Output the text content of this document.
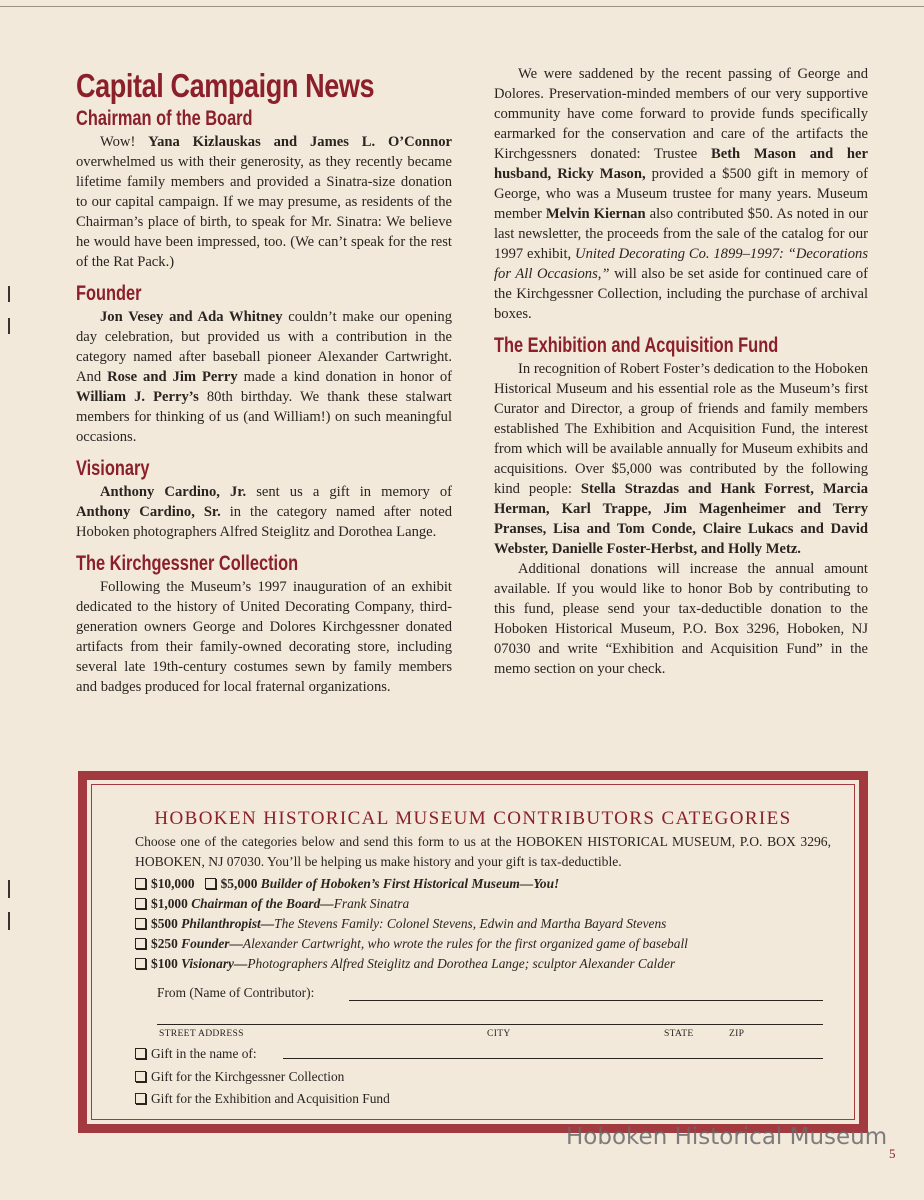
Capital Campaign News
Chairman of the Board

Wow! Yana Kizlauskas and James L. O’Connor overwhelmed us with their generosity, as they recently became lifetime family members and provided a Sinatra-size donation to our capital campaign. If we may presume, as residents of the Chairman’s place of birth, to speak for Mr. Sinatra: We believe he would have been impressed, too. (We can’t speak for the rest of the Rat Pack.)

Founder

Jon Vesey and Ada Whitney couldn’t make our opening day celebration, but provided us with a contribution in the category named after baseball pioneer Alexander Cartwright. And Rose and Jim Perry made a kind donation in honor of William J. Perry’s 80th birthday. We thank these stalwart members for thinking of us (and William!) on such meaningful occasions.

Visionary

Anthony Cardino, Jr. sent us a gift in memory of Anthony Cardino, Sr. in the category named after noted Hoboken photographers Alfred Steiglitz and Dorothea Lange.

The Kirchgessner Collection

Following the Museum’s 1997 inauguration of an exhibit dedicated to the history of United Decorating Company, third-generation owners George and Dolores Kirchgessner donated artifacts from their family-owned decorating store, including several late 19th-century costumes sewn by family members and badges produced for local fraternal organizations.

We were saddened by the recent passing of George and Dolores. Preservation-minded members of our very supportive community have come forward to provide funds specifically earmarked for the conservation and care of the artifacts the Kirchgessners donated: Trustee Beth Mason and her husband, Ricky Mason, provided a $500 gift in memory of George, who was a Museum trustee for many years. Museum member Melvin Kiernan also contributed $50. As noted in our last newsletter, the proceeds from the sale of the catalog for our 1997 exhibit, United Decorating Co. 1899–1997: “Decorations for All Occasions,” will also be set aside for continued care of the Kirchgessner Collection, including the purchase of archival boxes.

The Exhibition and Acquisition Fund

In recognition of Robert Foster’s dedication to the Hoboken Historical Museum and his essential role as the Museum’s first Curator and Director, a group of friends and family members established The Exhibition and Acquisition Fund, the interest from which will be available annually for Museum exhibits and acquisitions. Over $5,000 was contributed by the following kind people: Stella Strazdas and Hank Forrest, Marcia Herman, Karl Trappe, Jim Magenheimer and Terry Pranses, Lisa and Tom Conde, Claire Lukacs and David Webster, Danielle Foster-Herbst, and Holly Metz.

Additional donations will increase the annual amount available. If you would like to honor Bob by contributing to this fund, please send your tax-deductible donation to the Hoboken Historical Museum, P.O. Box 3296, Hoboken, NJ 07030 and write “Exhibition and Acquisition Fund” in the memo section on your check.

HOBOKEN HISTORICAL MUSEUM CONTRIBUTORS CATEGORIES
Choose one of the categories below and send this form to us at the HOBOKEN HISTORICAL MUSEUM, P.O. BOX 3296, HOBOKEN, NJ 07030. You’ll be helping us make history and your gift is tax-deductible.
$10,000 $5,000 Builder of Hoboken’s First Historical Museum—You!
$1,000 Chairman of the Board—Frank Sinatra
$500 Philanthropist—The Stevens Family: Colonel Stevens, Edwin and Martha Bayard Stevens
$250 Founder—Alexander Cartwright, who wrote the rules for the first organized game of baseball
$100 Visionary—Photographers Alfred Steiglitz and Dorothea Lange; sculptor Alexander Calder
From (Name of Contributor):
STREET ADDRESS	CITY	STATE	ZIP
Gift in the name of:
Gift for the Kirchgessner Collection
Gift for the Exhibition and Acquisition Fund
Hoboken Historical Museum
5
